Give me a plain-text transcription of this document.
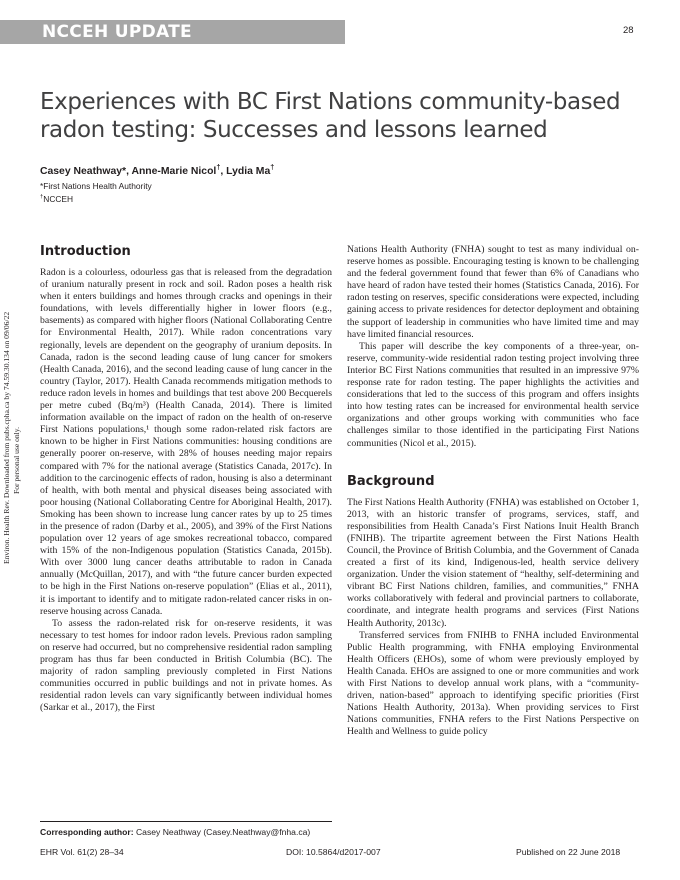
NCCEH UPDATE	28
Experiences with BC First Nations community-based radon testing: Successes and lessons learned
Casey Neathway*, Anne-Marie Nicol†, Lydia Ma†
*First Nations Health Authority
†NCCEH
Environ. Health Rev. Downloaded from pubs.cpha.ca by 74.59.30.134 on 09/06/22 For personal use only.
Introduction

Radon is a colourless, odourless gas that is released from the degradation of uranium naturally present in rock and soil. Radon poses a health risk when it enters buildings and homes through cracks and openings in their foundations, with levels differentially higher in lower floors (e.g., basements) as compared with higher floors (National Collaborating Centre for Environmental Health, 2017). While radon concentrations vary regionally, levels are dependent on the geography of uranium deposits. In Canada, radon is the second leading cause of lung cancer for smokers (Health Canada, 2016), and the second leading cause of lung cancer in the country (Taylor, 2017). Health Canada recommends mitigation methods to reduce radon levels in homes and buildings that test above 200 Becquerels per metre cubed (Bq/m³) (Health Canada, 2014). There is limited information available on the impact of radon on the health of on-reserve First Nations populations,¹ though some radon-related risk factors are known to be higher in First Nations communities: housing conditions are generally poorer on-reserve, with 28% of houses needing major repairs compared with 7% for the national average (Statistics Canada, 2017c). In addition to the carcinogenic effects of radon, housing is also a determinant of health, with both mental and physical diseases being associated with poor housing (National Collaborating Centre for Aboriginal Health, 2017). Smoking has been shown to increase lung cancer rates by up to 25 times in the presence of radon (Darby et al., 2005), and 39% of the First Nations population over 12 years of age smokes recreational tobacco, compared with 15% of the non-Indigenous population (Statistics Canada, 2015b). With over 3000 lung cancer deaths attributable to radon in Canada annually (McQuillan, 2017), and with “the future cancer burden expected to be high in the First Nations on-reserve population” (Elias et al., 2011), it is important to identify and to mitigate radon-related cancer risks in on-reserve housing across Canada.

To assess the radon-related risk for on-reserve residents, it was necessary to test homes for indoor radon levels. Previous radon sampling on reserve had occurred, but no comprehensive residential radon sampling program has thus far been conducted in British Columbia (BC). The majority of radon sampling previously completed in First Nations communities occurred in public buildings and not in private homes. As residential radon levels can vary significantly between individual homes (Sarkar et al., 2017), the First

Nations Health Authority (FNHA) sought to test as many individual on-reserve homes as possible. Encouraging testing is known to be challenging and the federal government found that fewer than 6% of Canadians who have heard of radon have tested their homes (Statistics Canada, 2016). For radon testing on reserves, specific considerations were expected, including gaining access to private residences for detector deployment and obtaining the support of leadership in communities who have limited time and may have limited financial resources.

This paper will describe the key components of a three-year, on-reserve, community-wide residential radon testing project involving three Interior BC First Nations communities that resulted in an impressive 97% response rate for radon testing. The paper highlights the activities and considerations that led to the success of this program and offers insights into how testing rates can be increased for environmental health service organizations and other groups working with communities who face challenges similar to those identified in the participating First Nations communities (Nicol et al., 2015).

Background

The First Nations Health Authority (FNHA) was established on October 1, 2013, with an historic transfer of programs, services, staff, and responsibilities from Health Canada’s First Nations Inuit Health Branch (FNIHB). The tripartite agreement between the First Nations Health Council, the Province of British Columbia, and the Government of Canada created a first of its kind, Indigenous-led, health service delivery organization. Under the vision statement of “healthy, self-determining and vibrant BC First Nations children, families, and communities,” FNHA works collaboratively with federal and provincial partners to collaborate, coordinate, and integrate health programs and services (First Nations Health Authority, 2013c).

Transferred services from FNIHB to FNHA included Environmental Public Health programming, with FNHA employing Environmental Health Officers (EHOs), some of whom were previously employed by Health Canada. EHOs are assigned to one or more communities and work with First Nations to develop annual work plans, with a “community-driven, nation-based” approach to identifying specific priorities (First Nations Health Authority, 2013a). When providing services to First Nations communities, FNHA refers to the First Nations Perspective on Health and Wellness to guide policy

Corresponding author: Casey Neathway (Casey.Neathway@fnha.ca)
EHR Vol. 61(2) 28–34	DOI: 10.5864/d2017-007	Published on 22 June 2018
